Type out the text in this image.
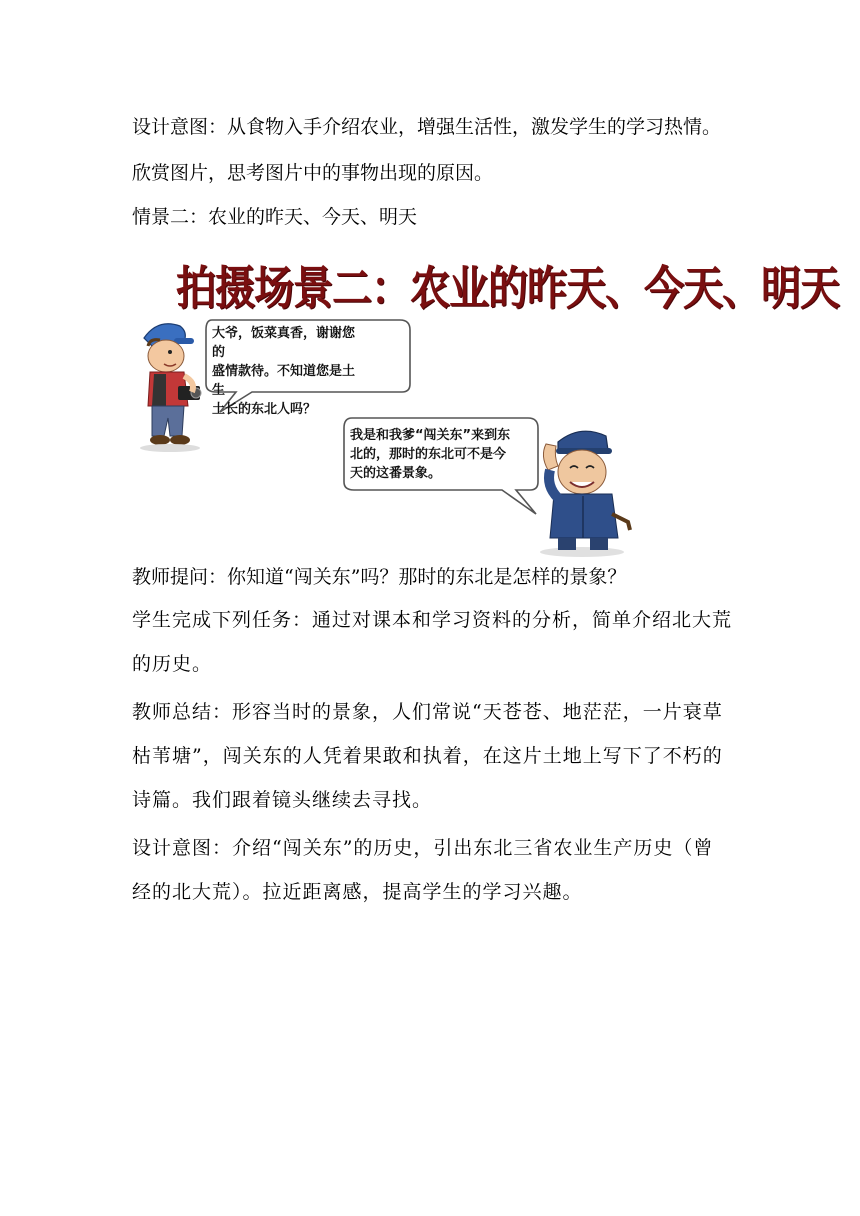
设计意图：从食物入手介绍农业，增强生活性，激发学生的学习热情。
欣赏图片，思考图片中的事物出现的原因。
情景二：农业的昨天、今天、明天
拍摄场景二：农业的昨天、今天、明天
大爷，饭菜真香，谢谢您的
盛情款待。不知道您是土生
土长的东北人吗？
我是和我爹“闯关东”来到东
北的，那时的东北可不是今
天的这番景象。
教师提问：你知道“闯关东”吗？那时的东北是怎样的景象？
学生完成下列任务：通过对课本和学习资料的分析，简单介绍北大荒的历史。
教师总结：形容当时的景象，人们常说“天苍苍、地茫茫，一片衰草枯苇塘”，闯关东的人凭着果敢和执着，在这片土地上写下了不朽的诗篇。我们跟着镜头继续去寻找。
设计意图：介绍“闯关东”的历史，引出东北三省农业生产历史（曾经的北大荒）。拉近距离感，提高学生的学习兴趣。
